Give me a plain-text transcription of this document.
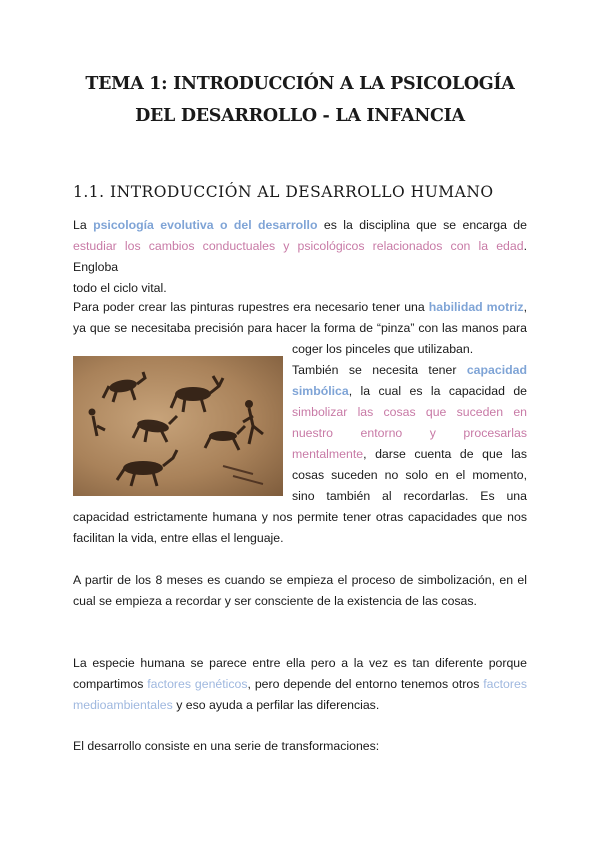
TEMA 1: INTRODUCCIÓN A LA PSICOLOGÍA
DEL DESARROLLO - LA INFANCIA
1.1. INTRODUCCIÓN AL DESARROLLO HUMANO
La psicología evolutiva o del desarrollo es la disciplina que se encarga de
estudiar los cambios conductuales y psicológicos relacionados con la edad. Engloba
todo el ciclo vital.
Para poder crear las pinturas rupestres era necesario tener una habilidad motriz,
ya que se necesitaba precisión para hacer la forma de “pinza” con las manos para
coger los pinceles que utilizaban.
También se necesita tener capacidad
simbólica, la cual es la capacidad de
simbolizar las cosas que suceden en
nuestro entorno y procesarlas
mentalmente, darse cuenta de que las
cosas suceden no solo en el momento,
sino también al recordarlas. Es una
capacidad estrictamente humana y nos permite tener otras capacidades que nos
facilitan la vida, entre ellas el lenguaje.
A partir de los 8 meses es cuando se empieza el proceso de simbolización, en el
cual se empieza a recordar y ser consciente de la existencia de las cosas.
La especie humana se parece entre ella pero a la vez es tan diferente porque
compartimos factores genéticos, pero depende del entorno tenemos otros factores
medioambientales y eso ayuda a perfilar las diferencias.
El desarrollo consiste en una serie de transformaciones:
